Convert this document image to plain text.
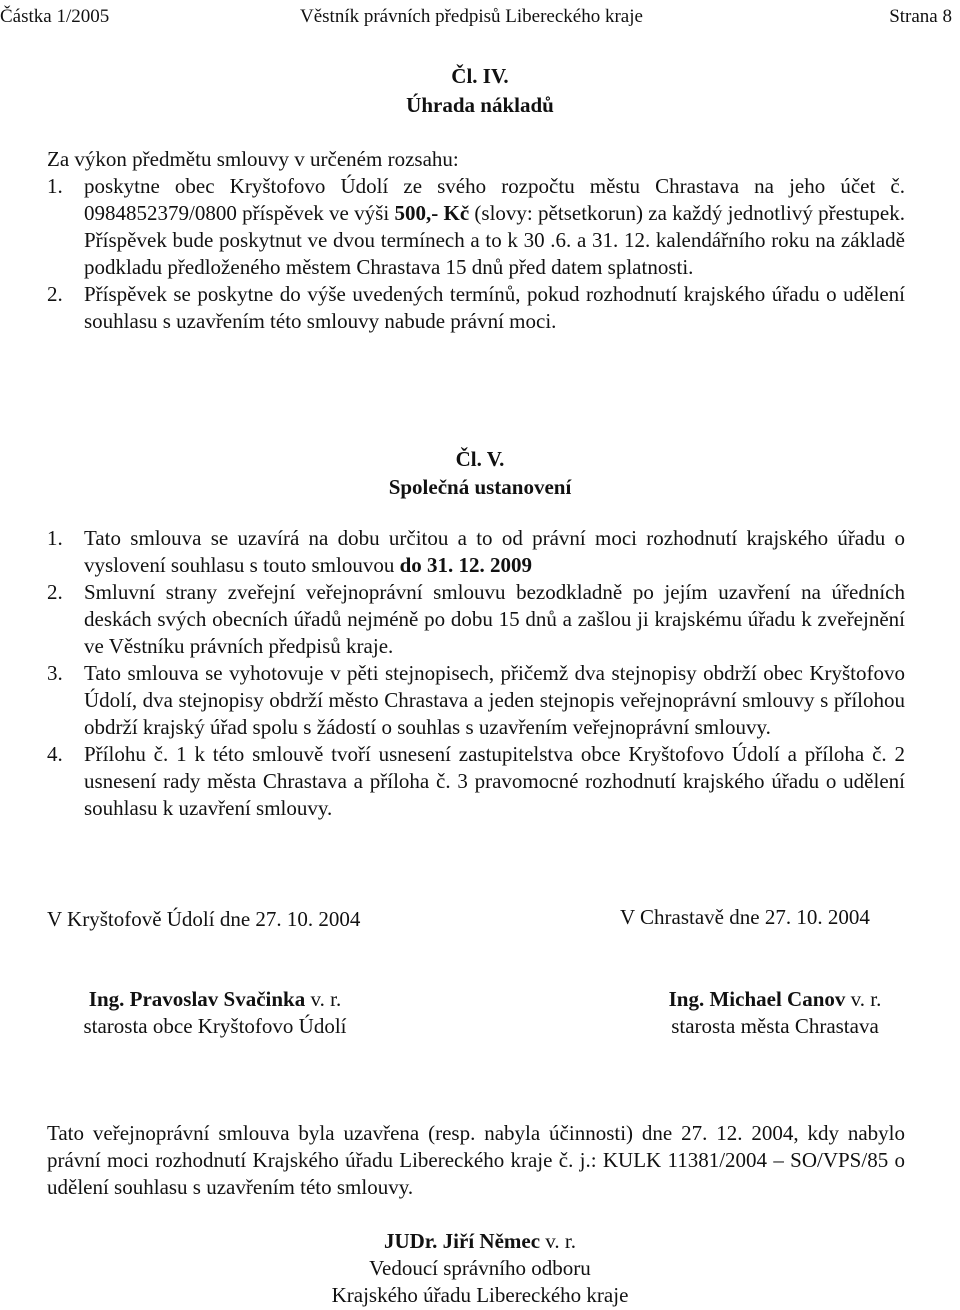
Částka 1/2005	Věstník právních předpisů Libereckého kraje	Strana 8
Čl. IV.
Úhrada nákladů
Za výkon předmětu smlouvy v určeném rozsahu:
1. poskytne obec Kryštofovo Údolí ze svého rozpočtu městu Chrastava na jeho účet č. 0984852379/0800 příspěvek ve výši 500,- Kč (slovy: pětsetkorun) za každý jednotlivý přestupek. Příspěvek bude poskytnut ve dvou termínech a to k 30 .6. a 31. 12. kalendářního roku na základě podkladu předloženého městem Chrastava 15 dnů před datem splatnosti.
2. Příspěvek se poskytne do výše uvedených termínů, pokud rozhodnutí krajského úřadu o udělení souhlasu s uzavřením této smlouvy nabude právní moci.
Čl. V.
Společná ustanovení
1. Tato smlouva se uzavírá na dobu určitou a to od právní moci rozhodnutí krajského úřadu o vyslovení souhlasu s touto smlouvou do 31. 12. 2009
2. Smluvní strany zveřejní veřejnoprávní smlouvu bezodkladně po jejím uzavření na úředních deskách svých obecních úřadů nejméně po dobu 15 dnů a zašlou ji krajskému úřadu k zveřejnění ve Věstníku právních předpisů kraje.
3. Tato smlouva se vyhotovuje v pěti stejnopisech, přičemž dva stejnopisy obdrží obec Kryštofovo Údolí, dva stejnopisy obdrží město Chrastava a jeden stejnopis veřejnoprávní smlouvy s přílohou obdrží krajský úřad spolu s žádostí o souhlas s uzavřením veřejnoprávní smlouvy.
4. Přílohu č. 1 k této smlouvě tvoří usnesení zastupitelstva obce Kryštofovo Údolí a příloha č. 2 usnesení rady města Chrastava a příloha č. 3 pravomocné rozhodnutí krajského úřadu o udělení souhlasu k uzavření smlouvy.
V Kryštofově Údolí dne 27. 10. 2004	V Chrastavě dne 27. 10. 2004
Ing. Pravoslav Svačinka v. r.
starosta obce Kryštofovo Údolí
Ing. Michael Canov v. r.
starosta města Chrastava
Tato veřejnoprávní smlouva byla uzavřena (resp. nabyla účinnosti) dne 27. 12. 2004, kdy nabylo právní moci rozhodnutí Krajského úřadu Libereckého kraje č. j.: KULK 11381/2004 – SO/VPS/85 o udělení souhlasu s uzavřením této smlouvy.
JUDr. Jiří Němec v. r.
Vedoucí správního odboru
Krajského úřadu Libereckého kraje
